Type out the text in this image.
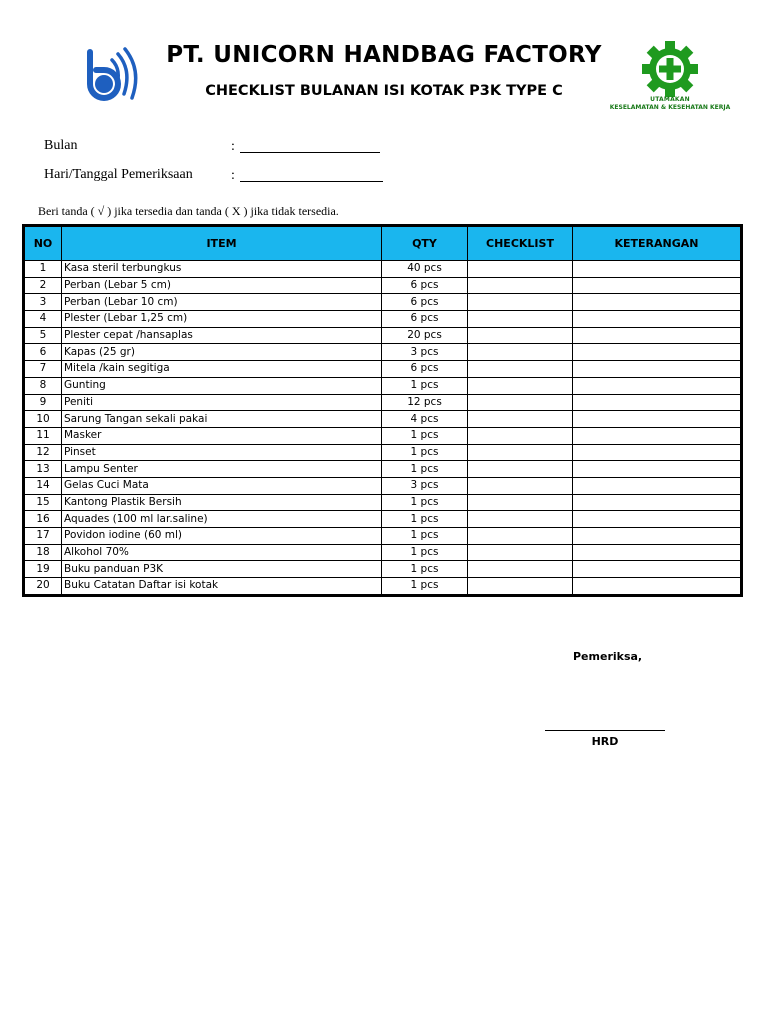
UTAMAKAN
KESELAMATAN & KESEHATAN KERJA
PT. UNICORN HANDBAG FACTORY
CHECKLIST BULANAN ISI KOTAK P3K TYPE C
Bulan	:
Hari/Tanggal Pemeriksaan	:
Beri tanda ( √ ) jika tersedia dan tanda ( X ) jika tidak tersedia.
NO	ITEM	QTY	CHECKLIST	KETERANGAN
1	Kasa steril terbungkus	40 pcs		
2	Perban (Lebar 5 cm)	6 pcs		
3	Perban (Lebar 10 cm)	6 pcs		
4	Plester (Lebar 1,25 cm)	6 pcs		
5	Plester cepat /hansaplas	20 pcs		
6	Kapas (25 gr)	3 pcs		
7	Mitela /kain segitiga	6 pcs		
8	Gunting	1 pcs		
9	Peniti	12 pcs		
10	Sarung Tangan sekali pakai	4 pcs		
11	Masker	1 pcs		
12	Pinset	1 pcs		
13	Lampu Senter	1 pcs		
14	Gelas Cuci Mata	3 pcs		
15	Kantong Plastik Bersih	1 pcs		
16	Aquades (100 ml lar.saline)	1 pcs		
17	Povidon iodine (60 ml)	1 pcs		
18	Alkohol 70%	1 pcs		
19	Buku panduan P3K	1 pcs		
20	Buku Catatan Daftar isi kotak	1 pcs		
Pemeriksa,
HRD
